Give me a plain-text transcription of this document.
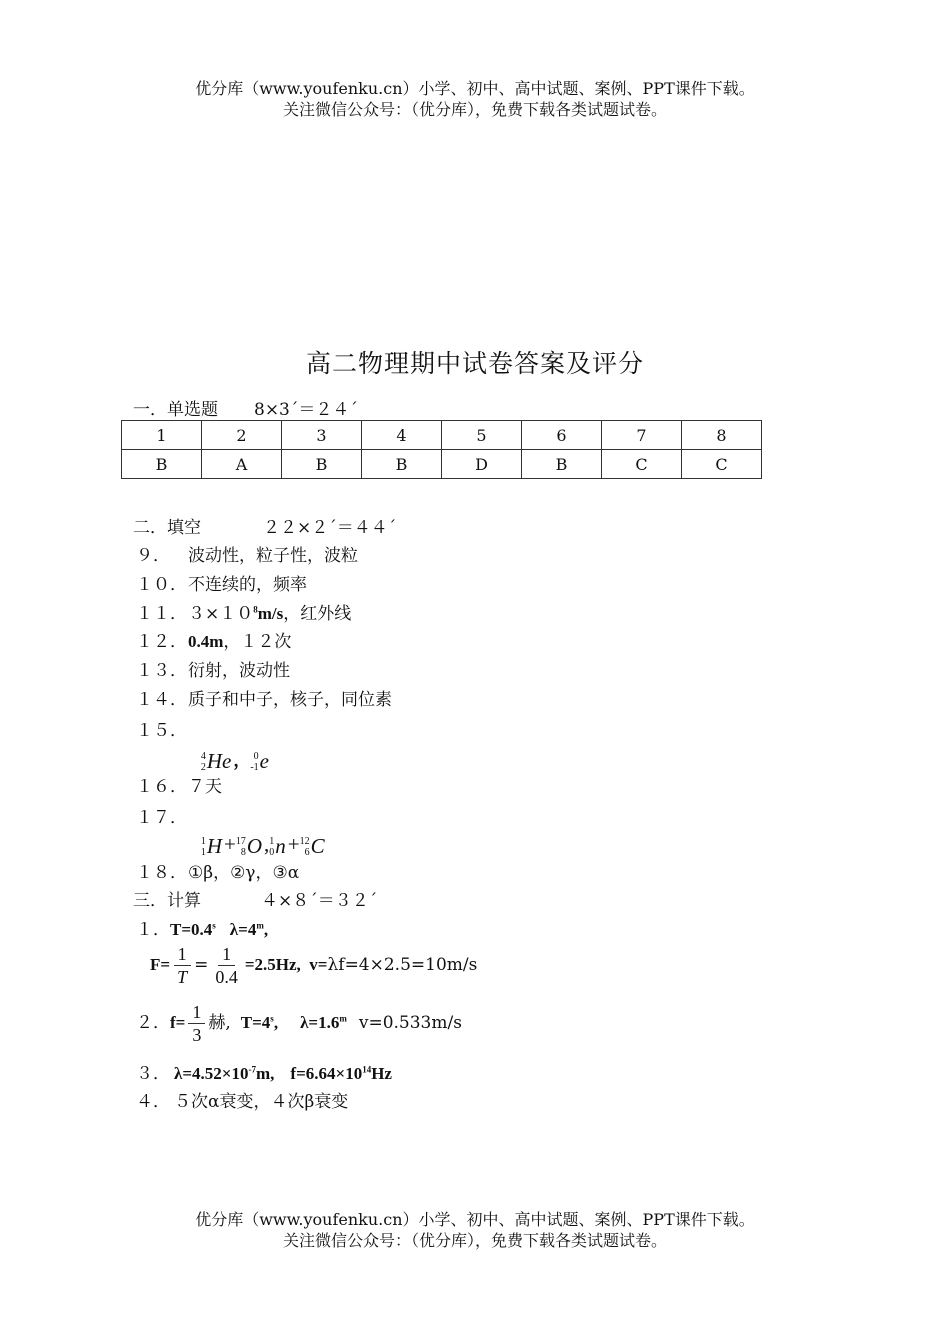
优分库（www.youfenku.cn）小学、初中、高中试题、案例、PPT课件下载。
关注微信公众号：（优分库），免费下载各类试题试卷。
高二物理期中试卷答案及评分
一．单选题 8×3´＝２４´
1	2	3	4	5	6	7	8
B	A	B	B	D	B	C	C
二．填空	２２×２´＝４４´
９． 波动性，粒子性，波粒
１０．不连续的，频率
１１．$3\times 10^8m/s$，红外线
１２．0.4m，１２次
１３．衍射，波动性
１４．质子和中子，核子，同位素
１５．

4
2 He ， 0
-1 e

１６．７天
１７．

1
1 H + 17
8 O , 1
0 n + 12
6 C

１８．①β，②γ，③α
三．计算	４×８´＝３２´
１．$T=0.4^s$ $\lambda=4^m$,
$F= \frac{1}{T} = \frac{1}{0.4} =2.5Hz$,  v=λf=4×2.5=10m/s
２．$f= \frac{1}{3}$ 赫, $T=4^s$, $\lambda=1.6^m$ v=0.533m/s
３． $\lambda=4.52\times 10^{-7}m$, $f=6.64\times 10^{14}Hz$
４． ５次α衰变，４次β衰变
优分库（www.youfenku.cn）小学、初中、高中试题、案例、PPT课件下载。
关注微信公众号：（优分库），免费下载各类试题试卷。
